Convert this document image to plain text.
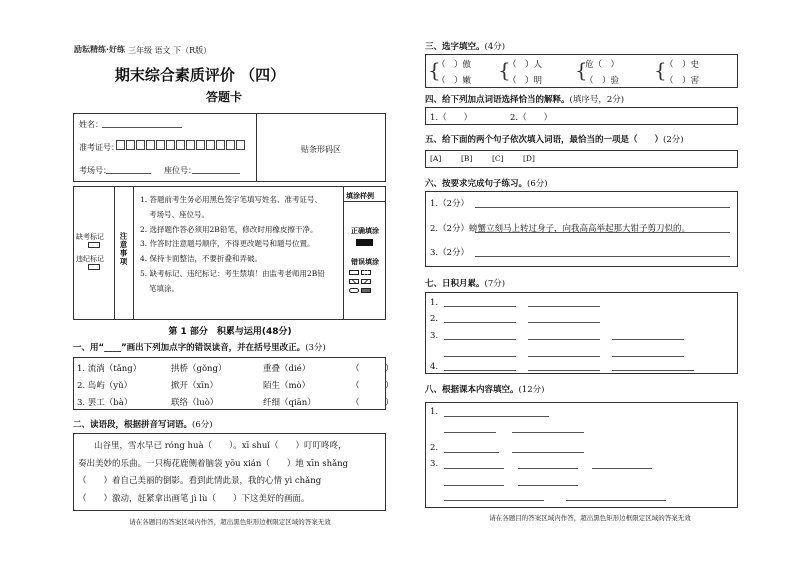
励耘精练·好练 三年级 语文 下（R版）
期末综合素质评价 （四）
答题卡
贴条形码区
姓名：
准考证号：
考场号：	座位号：
缺考标记
违纪标记 注意事项
1. 答题前考生务必用黑色签字笔填写姓名、准考证号、
考场号、座位号。
2. 选择题作答必须用2B铅笔，修改时用橡皮擦干净。
3. 作答时注意题号顺序，不得更改题号和题号位置。
4. 保持卡面整洁，不要折叠和弄破。
5. 缺考标记、违纪标记：考生禁填！由监考老师用2B铅
笔填涂。
填涂样例
正确填涂
错误填涂
第 1 部分　积累与运用(48分)
一、用“____”画出下列加点字的错误读音，并在括号里改正。(3分)
1. 流淌（tǎng）	拱桥（gǒng）	重叠（dié）	（　　　）
2. 岛屿（yǔ）	掀开（xīn）	陌生（mò）	（　　　）
3. 罢工（bà）	联络（luò）	纤细（qiān）	（　　　）
二、读语段，根据拼音写词语。(6分)
山谷里，雪水早已 róng huà（　　）。xī shuǐ（　　）叮叮咚咚，
奏出美妙的乐曲。一只梅花鹿侧着脑袋 yōu xián（　　）地 xīn shǎng
（　　）着自己美丽的倒影。看到此情此景，我的心情 yì chǎng
（　　）激动，赶紧拿出画笔 jì lù（　　）下这美好的画面。
请在各题目的答案区域内作答，超出黑色矩形边框限定区域的答案无效
三、选字填空。(4分)
{	{	{	{
（　）傲	（　）人	危（　）	（　）史
（　）嫩	（　）明	（　）验	（　）害
四、给下列加点词语选择恰当的解释。(填序号，2分)
1.（　　）	2.（　　）
五、给下面的两个句子依次填入词语，最恰当的一项是（　　）(2分)
[A]	[B]	[C]	[D]
六、按要求完成句子练习。(6分)
1.（2分）
2.（2分）螃蟹立刻马上转过身子，向我高高举起那大钳子剪刀似的。
3.（2分）
七、日积月累。(7分)
1.
2.
3.
4.
八、根据课本内容填空。(12分)
1.
2.
3.
请在各题目的答案区域内作答，超出黑色矩形边框限定区域的答案无效
